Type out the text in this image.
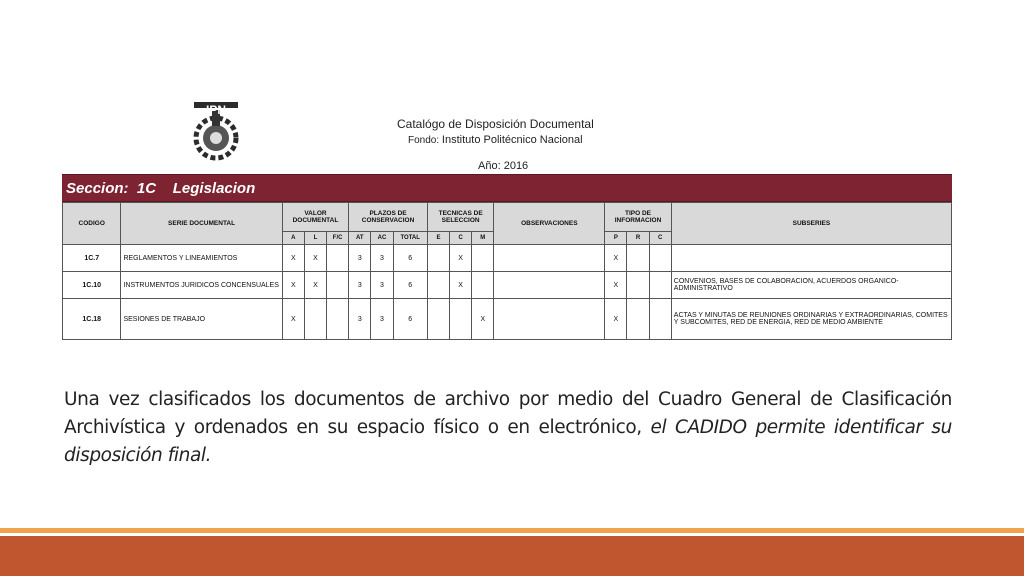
IPN
Catalógo de Disposición Documental
Fondo: Instituto Politécnico Nacional
Año: 2016
Seccion: 1C Legislacion
CODIGO	SERIE DOCUMENTAL	VALOR DOCUMENTAL			PLAZOS DE CONSERVACION			TECNICAS DE SELECCION			OBSERVACIONES	TIPO DE INFORMACION			SUBSERIES
		A	L	F/C	AT	AC	TOTAL	E	C	M		P	R	C	
1C.7	REGLAMENTOS Y LINEAMIENTOS	X	X		3	3	6		X			X			
1C.10	INSTRUMENTOS JURIDICOS CONCENSUALES	X	X		3	3	6		X			X			CONVENIOS, BASES DE COLABORACION, ACUERDOS ORGANICO-ADMINISTRATIVO
1C.18	SESIONES DE TRABAJO	X			3	3	6			X		X			ACTAS Y MINUTAS DE REUNIONES ORDINARIAS Y EXTRAORDINARIAS, COMITES Y SUBCOMITES, RED DE ENERGIA, RED DE MEDIO AMBIENTE

Una vez clasificados los documentos de archivo por medio del Cuadro General de Clasificación Archivística y ordenados en su espacio físico o en electrónico, el CADIDO permite identificar su disposición final.
